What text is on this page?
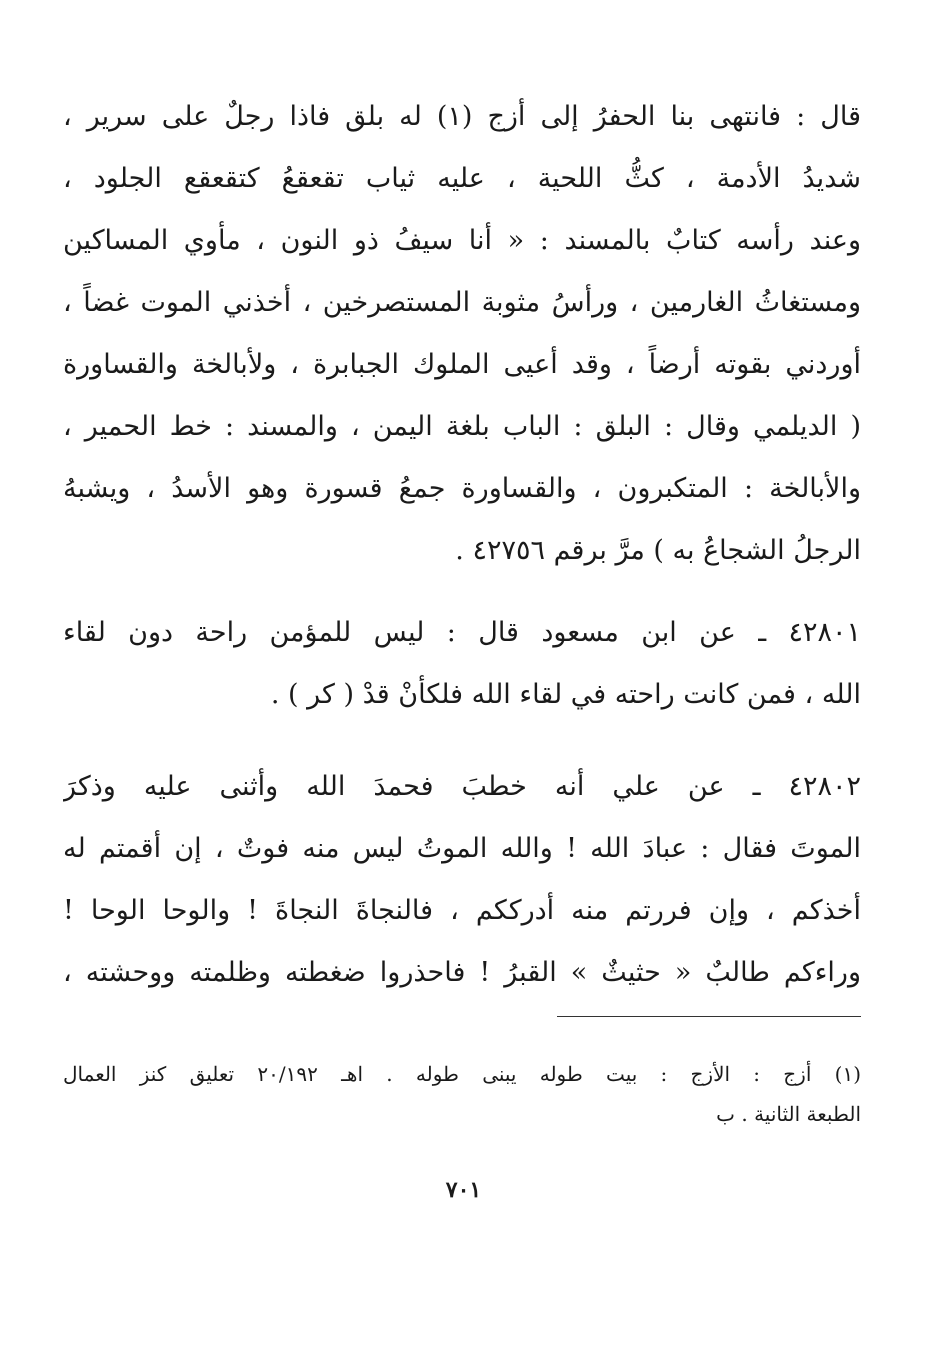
قال : فانتهى بنا الحفرُ إلى أزج (١) له بلق فاذا رجلٌ على سرير ،
شديدُ الأدمة ، كثُّ اللحية ، عليه ثياب تقعقعُ كتقعقع الجلود ،
وعند رأسه كتابٌ بالمسند : « أنا سيفُ ذو النون ، مأوي المساكين
ومستغاثُ الغارمين ، ورأسُ مثوبة المستصرخين ، أخذني الموت غضاً ،
أوردني بقوته أرضاً ، وقد أعيى الملوك الجبابرة ، ولأبالخة والقساورة
( الديلمي وقال : البلق : الباب بلغة اليمن ، والمسند : خط الحمير ،
والأبالخة : المتكبرون ، والقساورة جمعُ قسورة وهو الأسدُ ، ويشبهُ
الرجلُ الشجاعُ به ) مرَّ برقم ٤٢٧٥٦ .
٤٢٨٠١ ـ عن ابن مسعود قال : ليس للمؤمن راحة دون لقاء
الله ، فمن كانت راحته في لقاء الله فلكأنْ قدْ ( كر ) .
٤٢٨٠٢ ـ عن علي أنه خطبَ فحمدَ الله وأثنى عليه وذكرَ
الموتَ فقال : عبادَ الله ! والله الموتُ ليس منه فوتٌ ، إن أقمتم له
أخذكم ، وإن فررتم منه أدرككم ، فالنجاةَ النجاةَ ! والوحا الوحا !
وراءكم طالبٌ « حثيثٌ » القبرُ ! فاحذروا ضغطته وظلمته ووحشته ،
(١) أزج : الأزج : بيت طوله يبنى طوله . اهـ ٢٠/١٩٢ تعليق كنز العمال
الطبعة الثانية . ب
٧٠١
